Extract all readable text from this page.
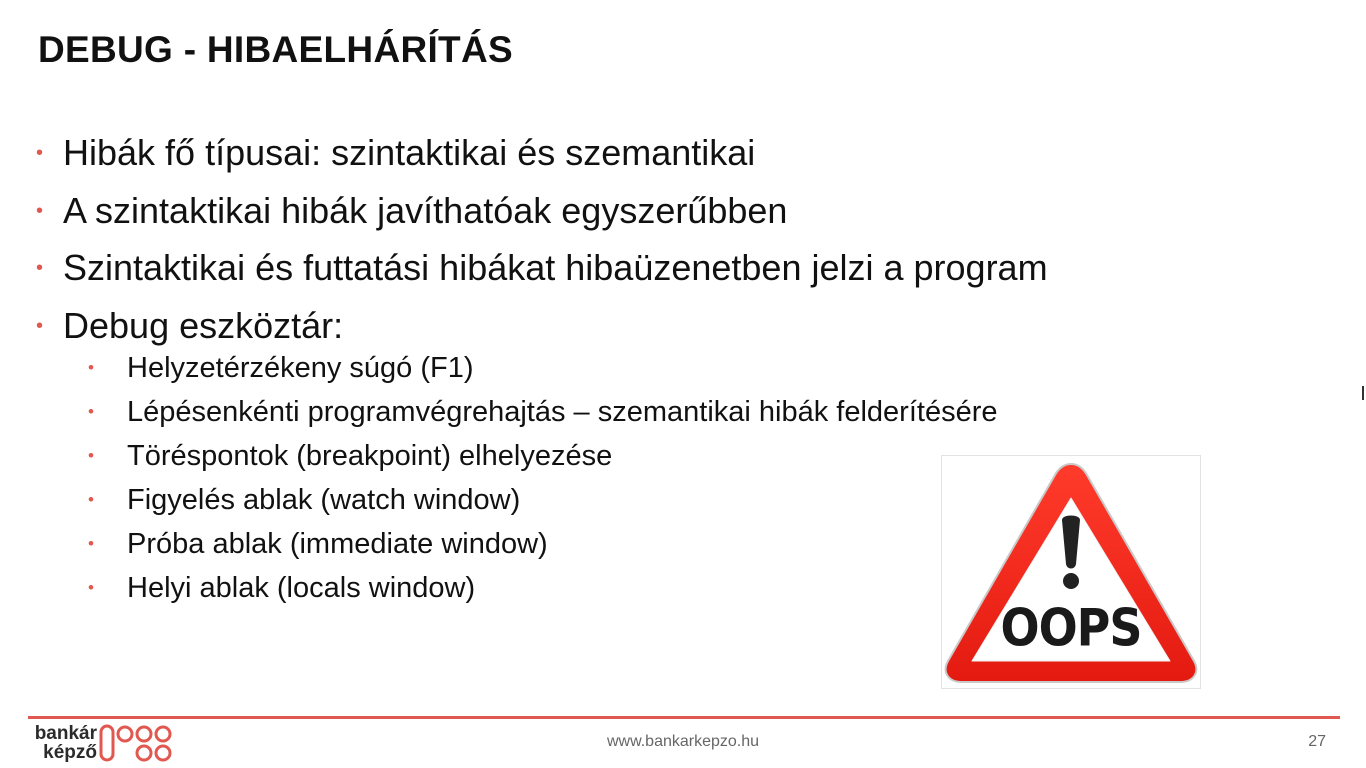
DEBUG - HIBAELHÁRÍTÁS
• Hibák fő típusai: szintaktikai és szemantikai
• A szintaktikai hibák javíthatóak egyszerűbben
• Szintaktikai és futtatási hibákat hibaüzenetben jelzi a program
• Debug eszköztár:
• Helyzetérzékeny súgó (F1)
• Lépésenkénti programvégrehajtás – szemantikai hibák felderítésére
• Töréspontok (breakpoint) elhelyezése
• Figyelés ablak (watch window)
• Próba ablak (immediate window)
• Helyi ablak (locals window)
OOPS
bankár
képző
www.bankarkepzo.hu	27
